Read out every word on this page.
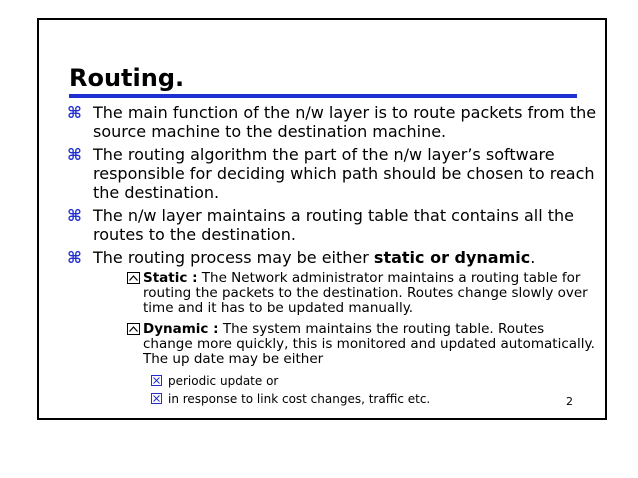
Routing.
⌘ The main function of the n/w layer is to route packets from the source machine to the destination machine.
⌘ The routing algorithm the part of the n/w layer’s software responsible for deciding which path should be chosen to reach the destination.
⌘ The n/w layer maintains a routing table that contains all the routes to the destination.
⌘ The routing process may be either static or dynamic.
Static : The Network administrator maintains a routing table for routing the packets to the destination. Routes change slowly over time and it has to be updated manually.
Dynamic : The system maintains the routing table. Routes change more quickly, this is monitored and updated automatically. The up date may be either
periodic update or
in response to link cost changes, traffic etc.	2
